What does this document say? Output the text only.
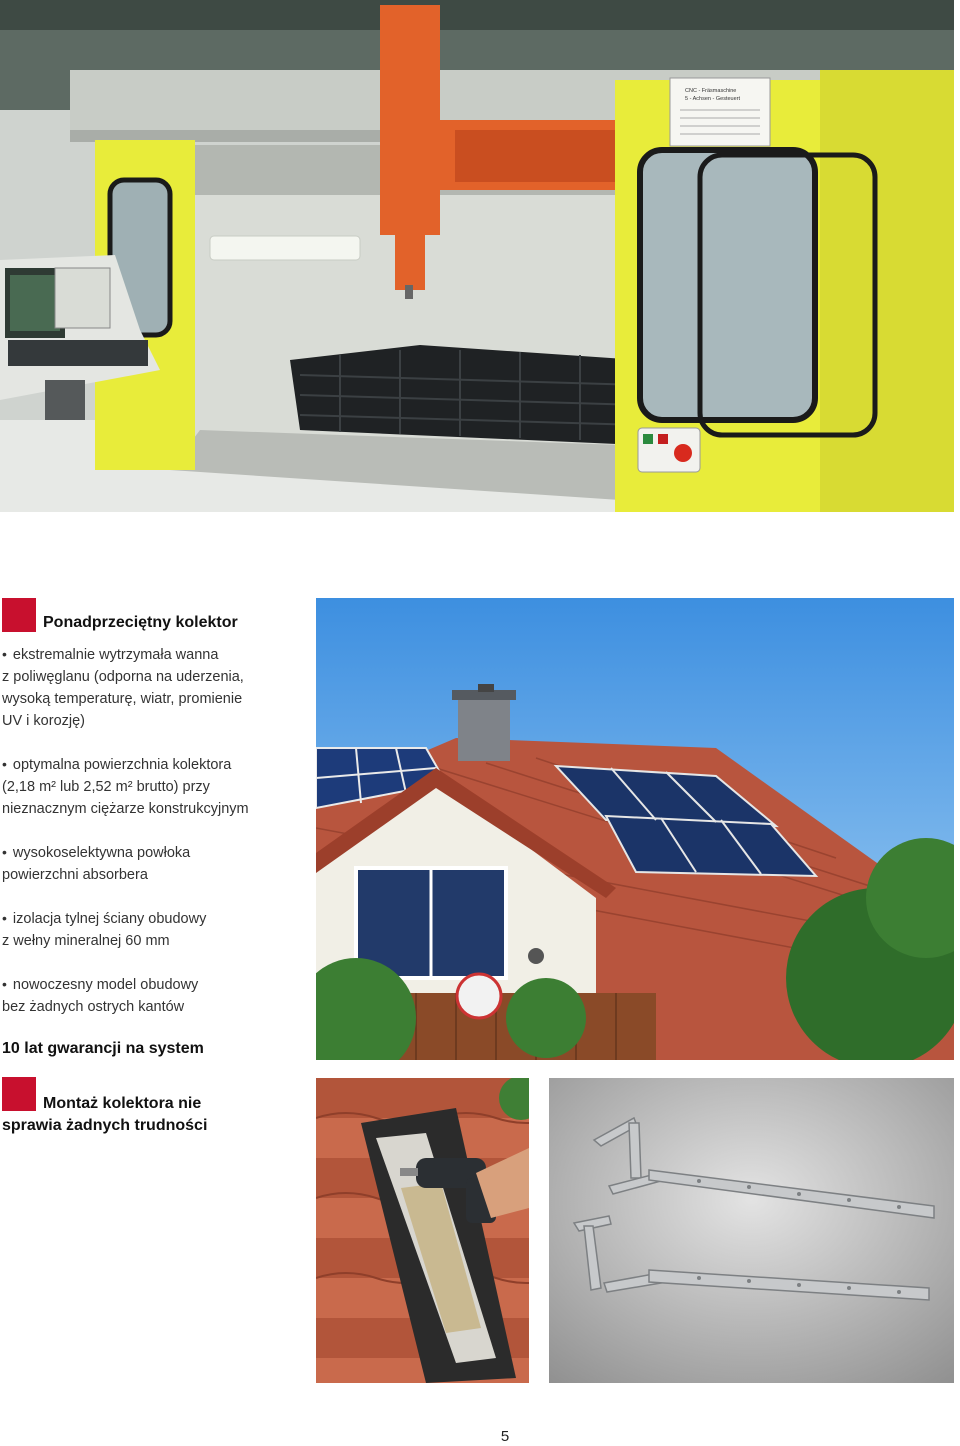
CNC - Fräsmaschine
5 - Achsen - Gesteuert
Ponadprzeciętny kolektor

• ekstremalnie wytrzymała wanna

z poliwęglanu (odporna na uderzenia,

wysoką temperaturę, wiatr, promienie

UV i korozję)

• optymalna powierzchnia kolektora

(2,18 m² lub 2,52 m² brutto) przy

nieznacznym ciężarze konstrukcyjnym

• wysokoselektywna powłoka

powierzchni absorbera

• izolacja tylnej ściany obudowy

z wełny mineralnej 60 mm

• nowoczesny model obudowy

bez żadnych ostrych kantów

10 lat gwarancji na system
Montaż kolektora nie
sprawia żadnych trudności
5
